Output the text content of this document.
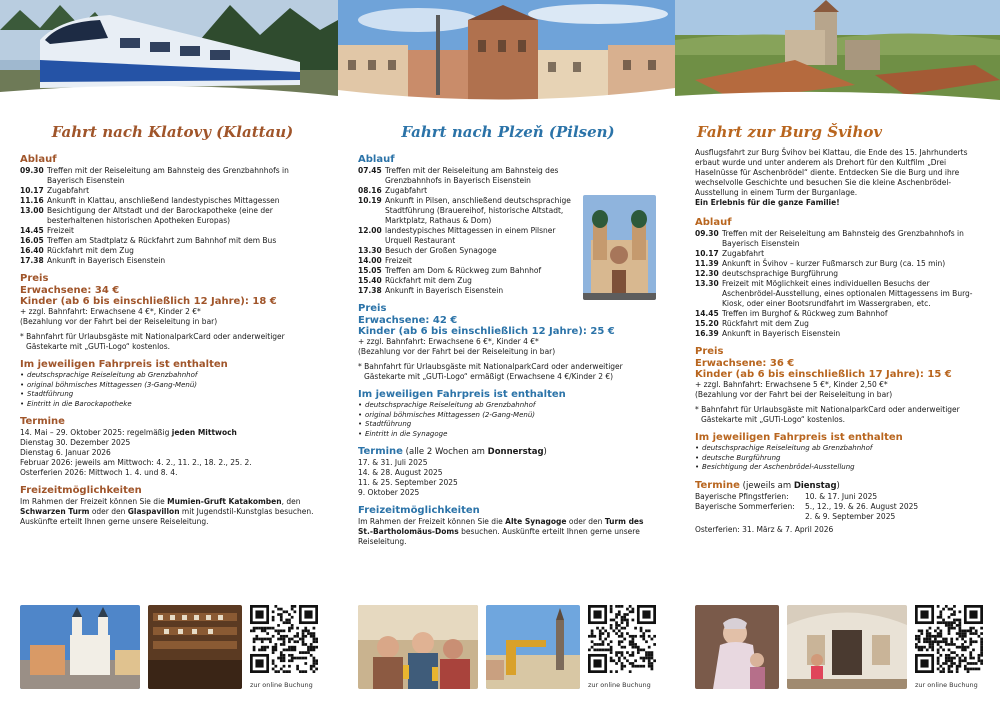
Fahrt nach Klatovy (Klattau)
Ablauf
09.30	Treffen mit der Reiseleitung am Bahnsteig des Grenzbahnhofs in Bayerisch Eisenstein
10.17	Zugabfahrt
11.16	Ankunft in Klattau, anschließend landestypisches Mittagessen
13.00	Besichtigung der Altstadt und der Barockapotheke (eine der besterhaltenen historischen Apotheken Europas)
14.45	Freizeit
16.05	Treffen am Stadtplatz & Rückfahrt zum Bahnhof mit dem Bus
16.40	Rückfahrt mit dem Zug
17.38	Ankunft in Bayerisch Eisenstein
Preis
Erwachsene: 34 €
Kinder (ab 6 bis einschließlich 12 Jahre): 18 €
+ zzgl. Bahnfahrt: Erwachsene 4 €*, Kinder 2 €*
(Bezahlung vor der Fahrt bei der Reiseleitung in bar)
* Bahnfahrt für Urlaubsgäste mit NationalparkCard oder anderweitiger Gästekarte mit „GUTi-Logo“ kostenlos.
Im jeweiligen Fahrpreis ist enthalten
• deutschsprachige Reiseleitung ab Grenzbahnhof
• original böhmisches Mittagessen (3-Gang-Menü)
• Stadtführung
• Eintritt in die Barockapotheke
Termine
14. Mai – 29. Oktober 2025: regelmäßig jeden Mittwoch
Dienstag 30. Dezember 2025
Dienstag 6. Januar 2026
Februar 2026: jeweils am Mittwoch: 4. 2., 11. 2., 18. 2., 25. 2.
Osterferien 2026: Mittwoch 1. 4. und 8. 4.
Freizeitmöglichkeiten
Im Rahmen der Freizeit können Sie die Mumien-Gruft Katakomben, den Schwarzen Turm oder den Glaspavillon mit Jugendstil-Kunstglas besuchen. Auskünfte erteilt Ihnen gerne unsere Reiseleitung.
Fahrt nach Plzeň (Pilsen)
Ablauf
07.45	Treffen mit der Reiseleitung am Bahnsteig des Grenzbahnhofs in Bayerisch Eisenstein
08.16	Zugabfahrt
10.19	Ankunft in Pilsen, anschließend deutschsprachige Stadtführung (Brauereihof, historische Altstadt, Marktplatz, Rathaus & Dom)
12.00	landestypisches Mittagessen in einem Pilsner Urquell Restaurant
13.30	Besuch der Großen Synagoge
14.00	Freizeit
15.05	Treffen am Dom & Rückweg zum Bahnhof
15.40	Rückfahrt mit dem Zug
17.38	Ankunft in Bayerisch Eisenstein
Preis
Erwachsene: 42 €
Kinder (ab 6 bis einschließlich 12 Jahre): 25 €
+ zzgl. Bahnfahrt: Erwachsene 6 €*, Kinder 4 €*
(Bezahlung vor der Fahrt bei der Reiseleitung in bar)
* Bahnfahrt für Urlaubsgäste mit NationalparkCard oder anderweitiger Gästekarte mit „GUTi-Logo“ ermäßigt (Erwachsene 4 €/Kinder 2 €)
Im jeweiligen Fahrpreis ist enthalten
• deutschsprachige Reiseleitung ab Grenzbahnhof
• original böhmisches Mittagessen (2-Gang-Menü)
• Stadtführung
• Eintritt in die Synagoge
Termine (alle 2 Wochen am Donnerstag)
17. & 31. Juli 2025
14. & 28. August 2025
11. & 25. September 2025
9. Oktober 2025
Freizeitmöglichkeiten
Im Rahmen der Freizeit können Sie die Alte Synagoge oder den Turm des St.-Bartholomäus-Doms besuchen. Auskünfte erteilt Ihnen gerne unsere Reiseleitung.
Fahrt zur Burg Švihov
Ausflugsfahrt zur Burg Švihov bei Klattau, die Ende des 15. Jahrhunderts erbaut wurde und unter anderem als Drehort für den Kultfilm „Drei Haselnüsse für Aschenbrödel“ diente. Entdecken Sie die Burg und ihre wechselvolle Geschichte und besuchen Sie die kleine Aschenbrödel-Ausstellung in einem Turm der Burganlage.
Ein Erlebnis für die ganze Familie!
Ablauf
09.30	Treffen mit der Reiseleitung am Bahnsteig des Grenzbahnhofs in Bayerisch Eisenstein
10.17	Zugabfahrt
11.39	Ankunft in Švihov – kurzer Fußmarsch zur Burg (ca. 15 min)
12.30	deutschsprachige Burgführung
13.30	Freizeit mit Möglichkeit eines individuellen Besuchs der Aschenbrödel-Ausstellung, eines optionalen Mittagessens im Burg-Kiosk, oder einer Bootsrundfahrt im Wassergraben, etc.
14.45	Treffen im Burghof & Rückweg zum Bahnhof
15.20	Rückfahrt mit dem Zug
16.39	Ankunft in Bayerisch Eisenstein
Preis
Erwachsene: 36 €
Kinder (ab 6 bis einschließlich 17 Jahre): 15 €
+ zzgl. Bahnfahrt: Erwachsene 5 €*, Kinder 2,50 €*
(Bezahlung vor der Fahrt bei der Reiseleitung in bar)
* Bahnfahrt für Urlaubsgäste mit NationalparkCard oder anderweitiger Gästekarte mit „GUTi-Logo“ kostenlos.
Im jeweiligen Fahrpreis ist enthalten
• deutschsprachige Reiseleitung ab Grenzbahnhof
• deutsche Burgführung
• Besichtigung der Aschenbrödel-Ausstellung
Termine (jeweils am Dienstag)
Bayerische Pfingstferien:	10. & 17. Juni 2025
Bayerische Sommerferien:	5., 12., 19. & 26. August 2025
	2. & 9. September 2025
Osterferien: 31. März & 7. April 2026
zur online Buchung	zur online Buchung	zur online Buchung
